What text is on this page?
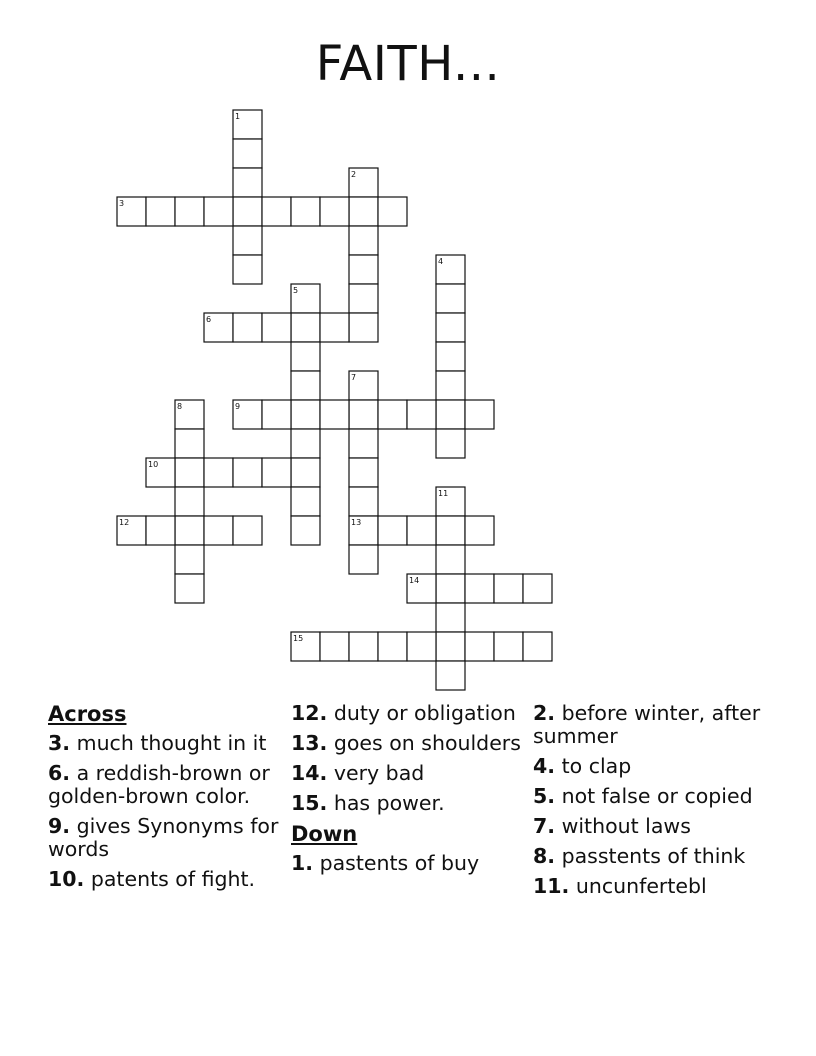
FAITH...
1
2
3
4
5
6
7
8	9
10
11
12	13
14
15
Across
3. much thought in it
6. a reddish-brown or golden-brown color.
9. gives Synonyms for words
10. patents of fight.
12. duty or obligation
13. goes on shoulders
14. very bad
15. has power.
Down
1. pastents of buy
2. before winter, after summer
4. to clap
5. not false or copied
7. without laws
8. passtents of think
11. uncunfertebl
